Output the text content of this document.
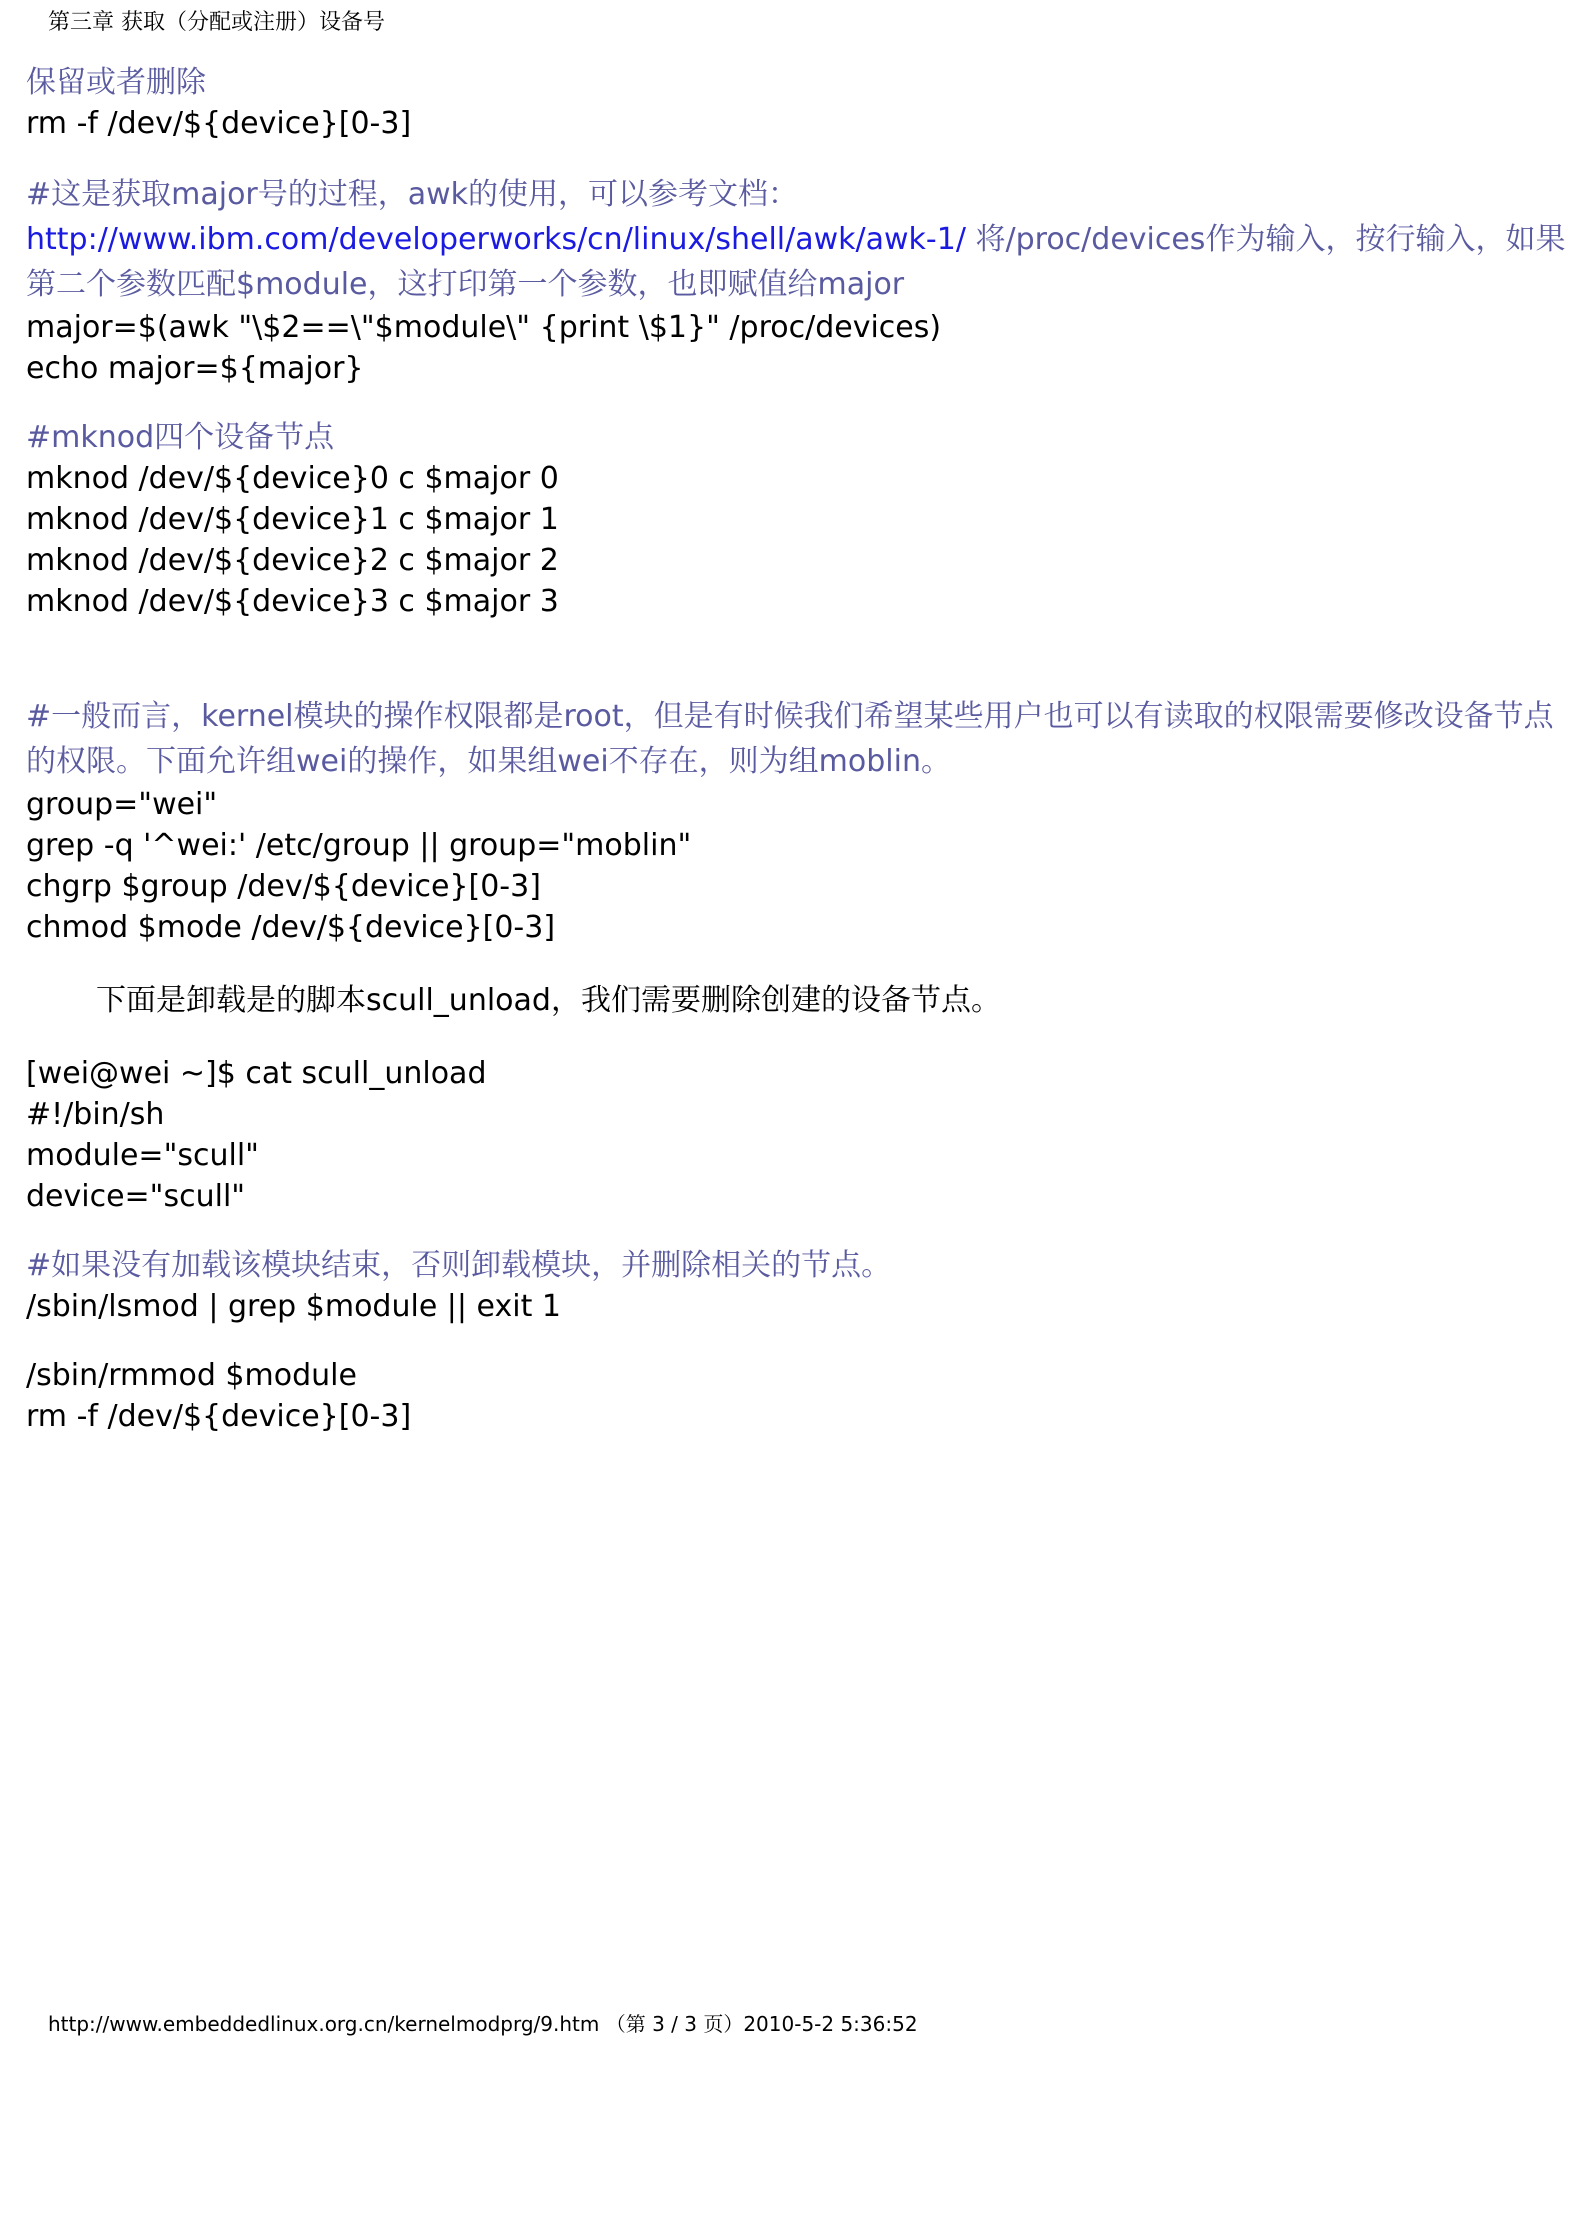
第三章 获取（分配或注册）设备号
保留或者删除
rm -f /dev/${device}[0-3]
#这是获取major号的过程，awk的使用，可以参考文档：http://www.ibm.com/developerworks/cn/linux/shell/awk/awk-1/ 将/proc/devices作为输入，按行输入，如果第二个参数匹配$module，这打印第一个参数，也即赋值给major
major=$(awk "\$2==\"$module\" {print \$1}" /proc/devices)
echo major=${major}
#mknod四个设备节点
mknod /dev/${device}0 c $major 0
mknod /dev/${device}1 c $major 1
mknod /dev/${device}2 c $major 2
mknod /dev/${device}3 c $major 3
#一般而言，kernel模块的操作权限都是root，但是有时候我们希望某些用户也可以有读取的权限需要修改设备节点的权限。下面允许组wei的操作，如果组wei不存在，则为组moblin。
group="wei"
grep -q '^wei:' /etc/group || group="moblin"
chgrp $group /dev/${device}[0-3]
chmod $mode /dev/${device}[0-3]
下面是卸载是的脚本scull_unload，我们需要删除创建的设备节点。
[wei@wei ~]$ cat scull_unload
#!/bin/sh
module="scull"
device="scull"
#如果没有加载该模块结束，否则卸载模块，并删除相关的节点。
/sbin/lsmod | grep $module || exit 1
/sbin/rmmod $module
rm -f /dev/${device}[0-3]
http://www.embeddedlinux.org.cn/kernelmodprg/9.htm （第 3 / 3 页）2010-5-2 5:36:52
